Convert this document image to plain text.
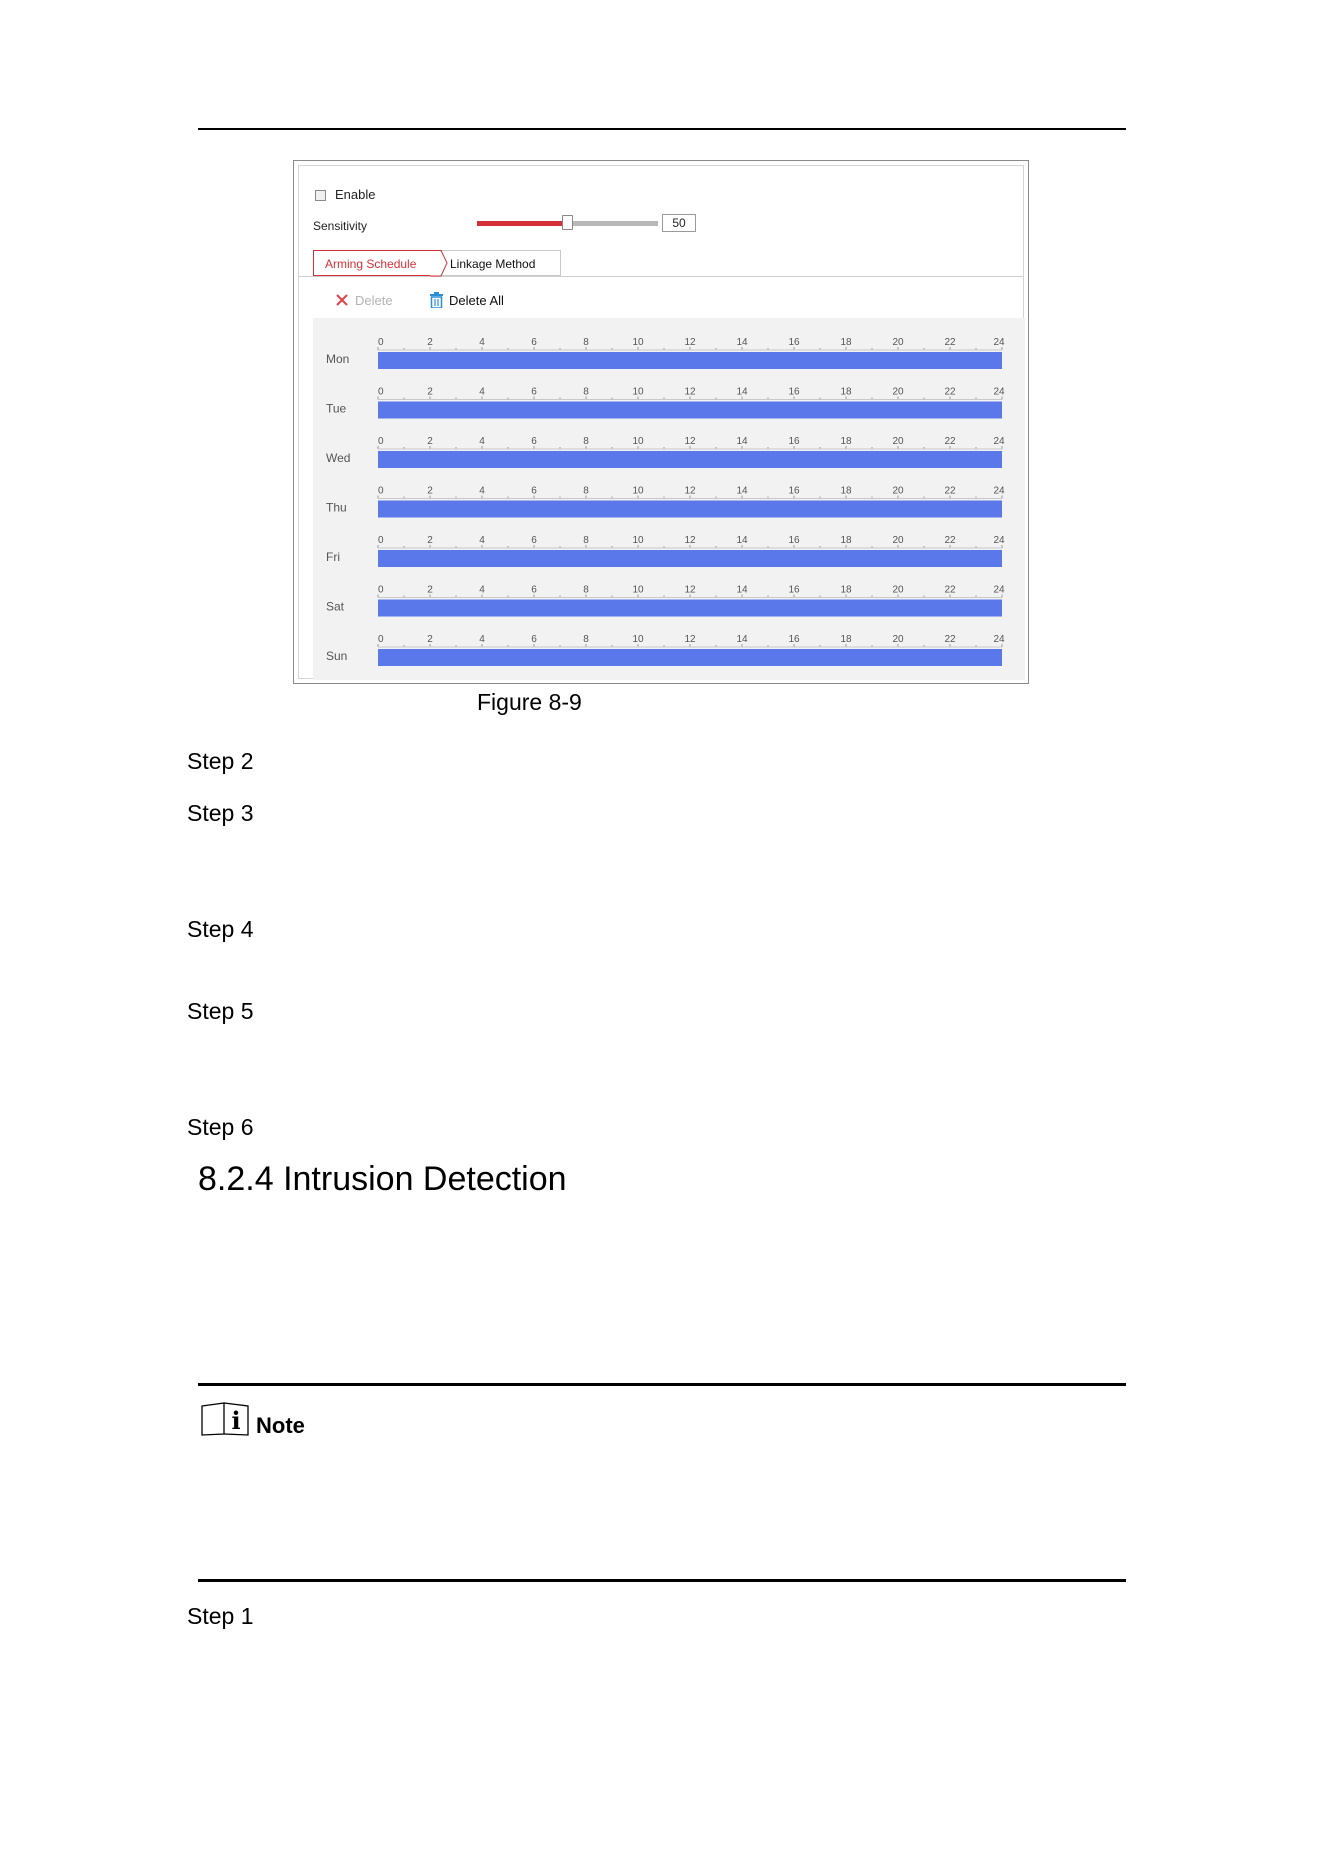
Enable
Sensitivity	50
Arming Schedule	Linkage Method
Delete	Delete All
Mon
0	2	4	6	8	10	12	14	16	18	20	22	24
Tue
0	2	4	6	8	10	12	14	16	18	20	22	24
Wed
0	2	4	6	8	10	12	14	16	18	20	22	24
Thu
0	2	4	6	8	10	12	14	16	18	20	22	24
Fri
0	2	4	6	8	10	12	14	16	18	20	22	24
Sat
0	2	4	6	8	10	12	14	16	18	20	22	24
Sun
0	2	4	6	8	10	12	14	16	18	20	22	24
Figure 8-9
Step 2
Step 3
Step 4
Step 5
Step 6
8.2.4 Intrusion Detection
i Note
Step 1
